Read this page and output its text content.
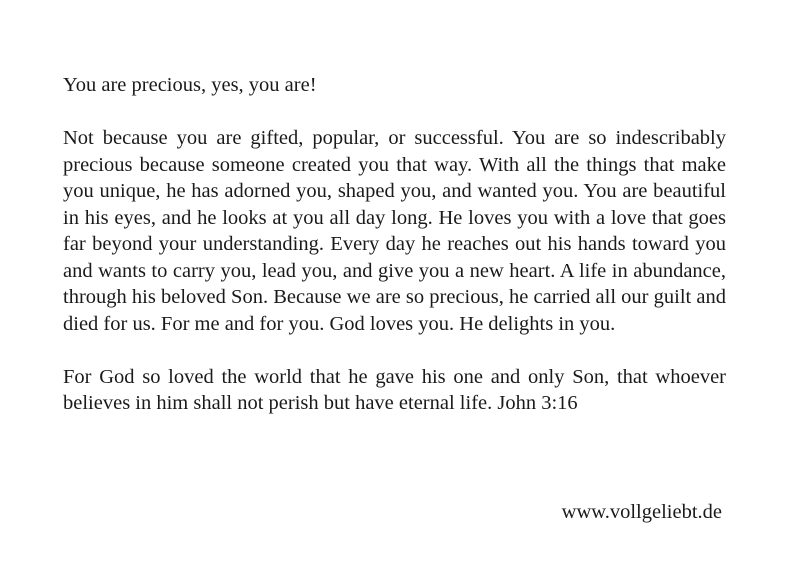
You are precious, yes, you are!

Not because you are gifted, popular, or successful. You are so indescribably precious because someone created you that way. With all the things that make you unique, he has adorned you, shaped you, and wanted you. You are beautiful in his eyes, and he looks at you all day long. He loves you with a love that goes far beyond your understanding. Every day he reaches out his hands toward you and wants to carry you, lead you, and give you a new heart. A life in abundance, through his beloved Son. Because we are so precious, he carried all our guilt and died for us. For me and for you. God loves you. He delights in you.

For God so loved the world that he gave his one and only Son, that whoever believes in him shall not perish but have eternal life. John 3:16

www.vollgeliebt.de
